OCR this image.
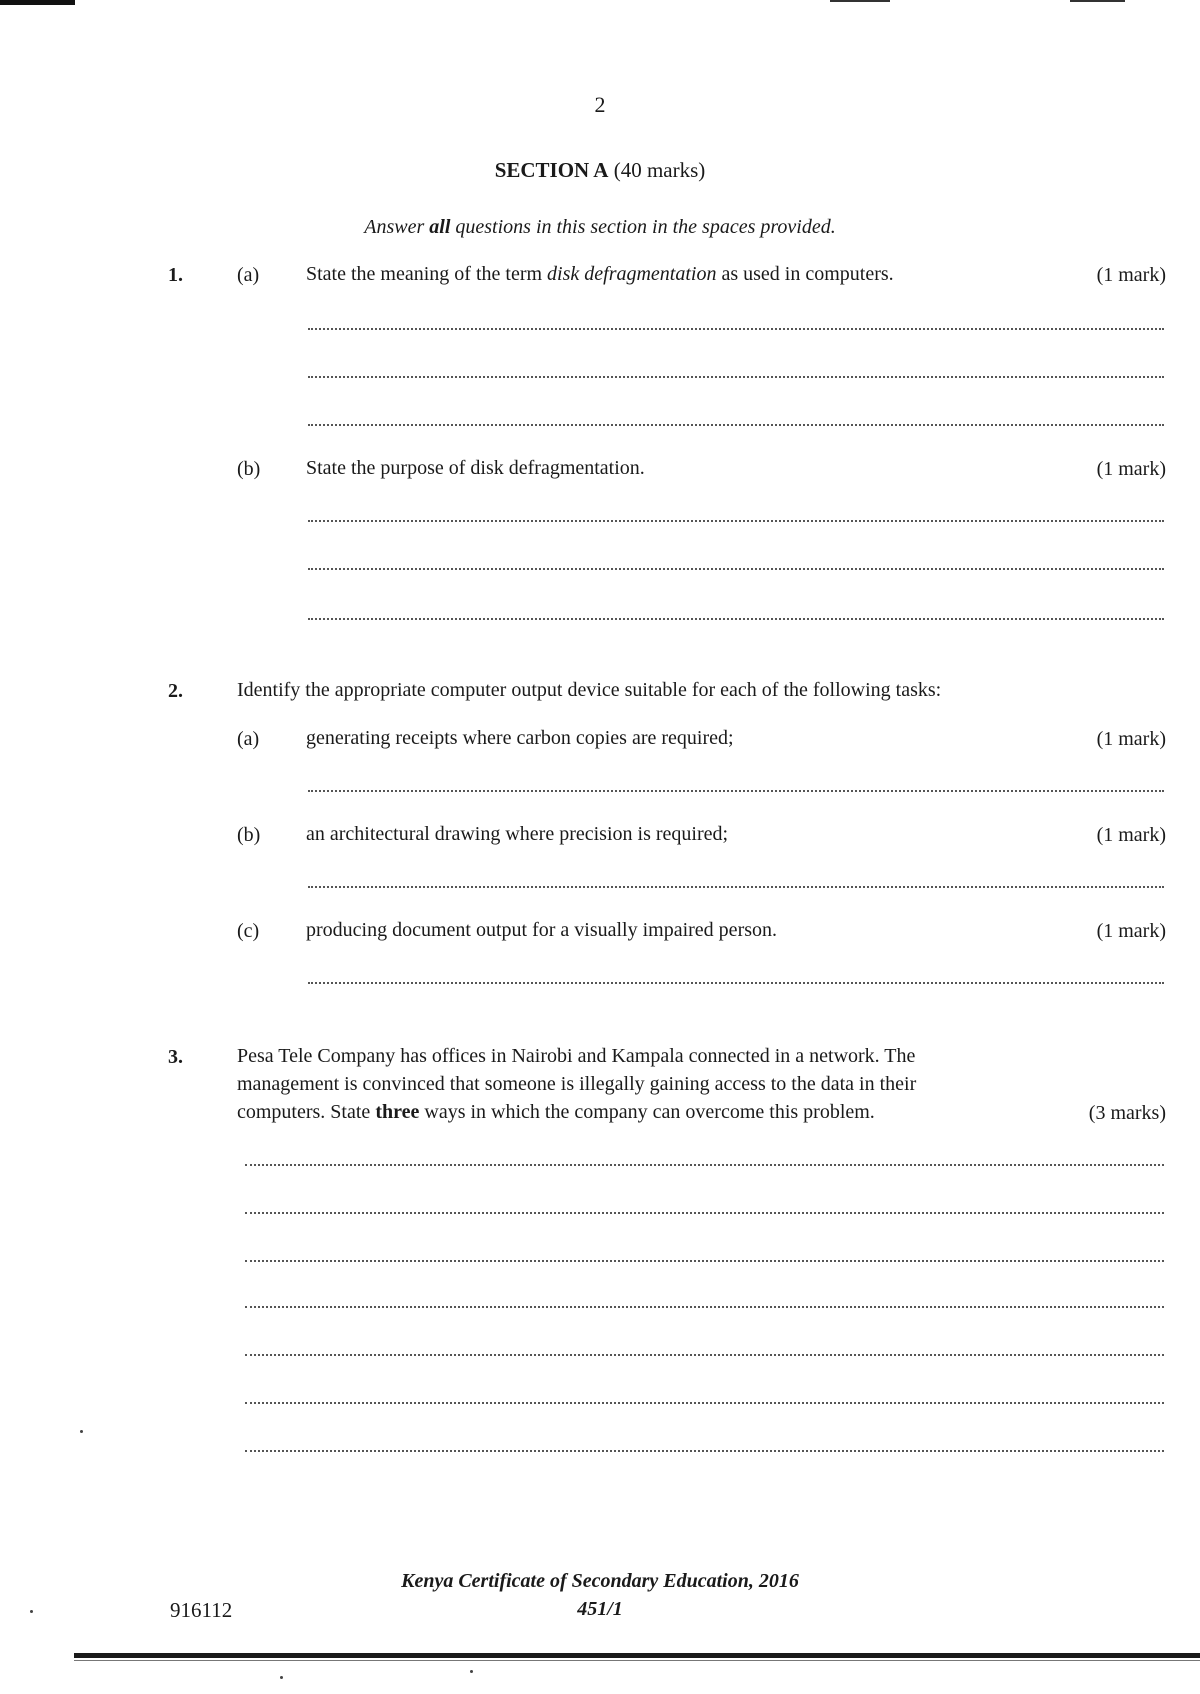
2
SECTION A (40 marks)
Answer all questions in this section in the spaces provided.
1.	(a) State the meaning of the term disk defragmentation as used in computers.	(1 mark)
(b) State the purpose of disk defragmentation.	(1 mark)
2.	Identify the appropriate computer output device suitable for each of the following tasks:
(a) generating receipts where carbon copies are required;	(1 mark)
(b) an architectural drawing where precision is required;	(1 mark)
(c) producing document output for a visually impaired person.	(1 mark)
3.	Pesa Tele Company has offices in Nairobi and Kampala connected in a network. The
management is convinced that someone is illegally gaining access to the data in their
computers. State three ways in which the company can overcome this problem.	(3 marks)
Kenya Certificate of Secondary Education, 2016
451/1
916112
